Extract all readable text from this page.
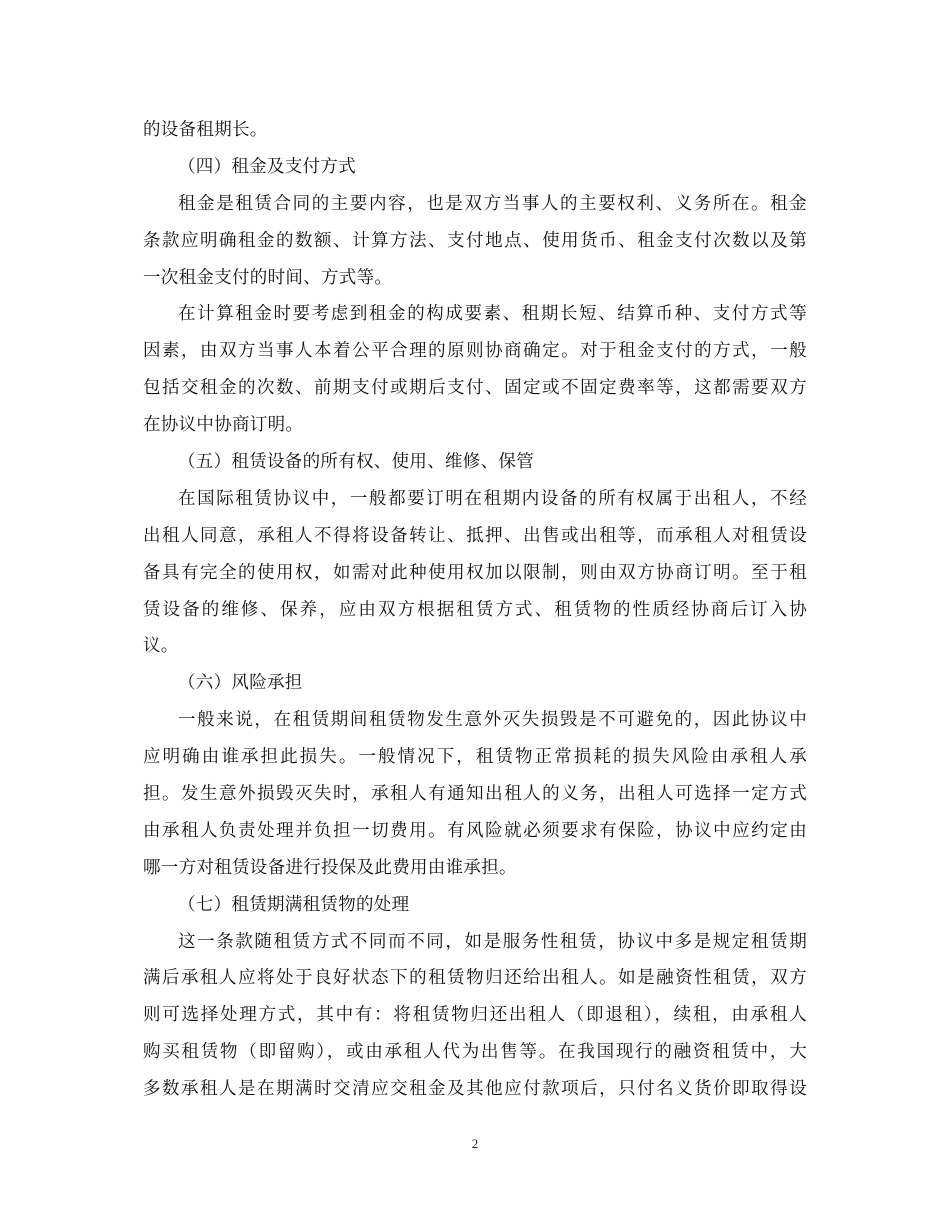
的设备租期长。
（四）租金及支付方式
租金是租赁合同的主要内容，也是双方当事人的主要权利、义务所在。租金
条款应明确租金的数额、计算方法、支付地点、使用货币、租金支付次数以及第
一次租金支付的时间、方式等。
在计算租金时要考虑到租金的构成要素、租期长短、结算币种、支付方式等
因素，由双方当事人本着公平合理的原则协商确定。对于租金支付的方式，一般
包括交租金的次数、前期支付或期后支付、固定或不固定费率等，这都需要双方
在协议中协商订明。
（五）租赁设备的所有权、使用、维修、保管
在国际租赁协议中，一般都要订明在租期内设备的所有权属于出租人，不经
出租人同意，承租人不得将设备转让、抵押、出售或出租等，而承租人对租赁设
备具有完全的使用权，如需对此种使用权加以限制，则由双方协商订明。至于租
赁设备的维修、保养，应由双方根据租赁方式、租赁物的性质经协商后订入协
议。
（六）风险承担
一般来说，在租赁期间租赁物发生意外灭失损毁是不可避免的，因此协议中
应明确由谁承担此损失。一般情况下，租赁物正常损耗的损失风险由承租人承
担。发生意外损毁灭失时，承租人有通知出租人的义务，出租人可选择一定方式
由承租人负责处理并负担一切费用。有风险就必须要求有保险，协议中应约定由
哪一方对租赁设备进行投保及此费用由谁承担。
（七）租赁期满租赁物的处理
这一条款随租赁方式不同而不同，如是服务性租赁，协议中多是规定租赁期
满后承租人应将处于良好状态下的租赁物归还给出租人。如是融资性租赁，双方
则可选择处理方式，其中有：将租赁物归还出租人（即退租），续租，由承租人
购买租赁物（即留购），或由承租人代为出售等。在我国现行的融资租赁中，大
多数承租人是在期满时交清应交租金及其他应付款项后，只付名义货价即取得设
2
